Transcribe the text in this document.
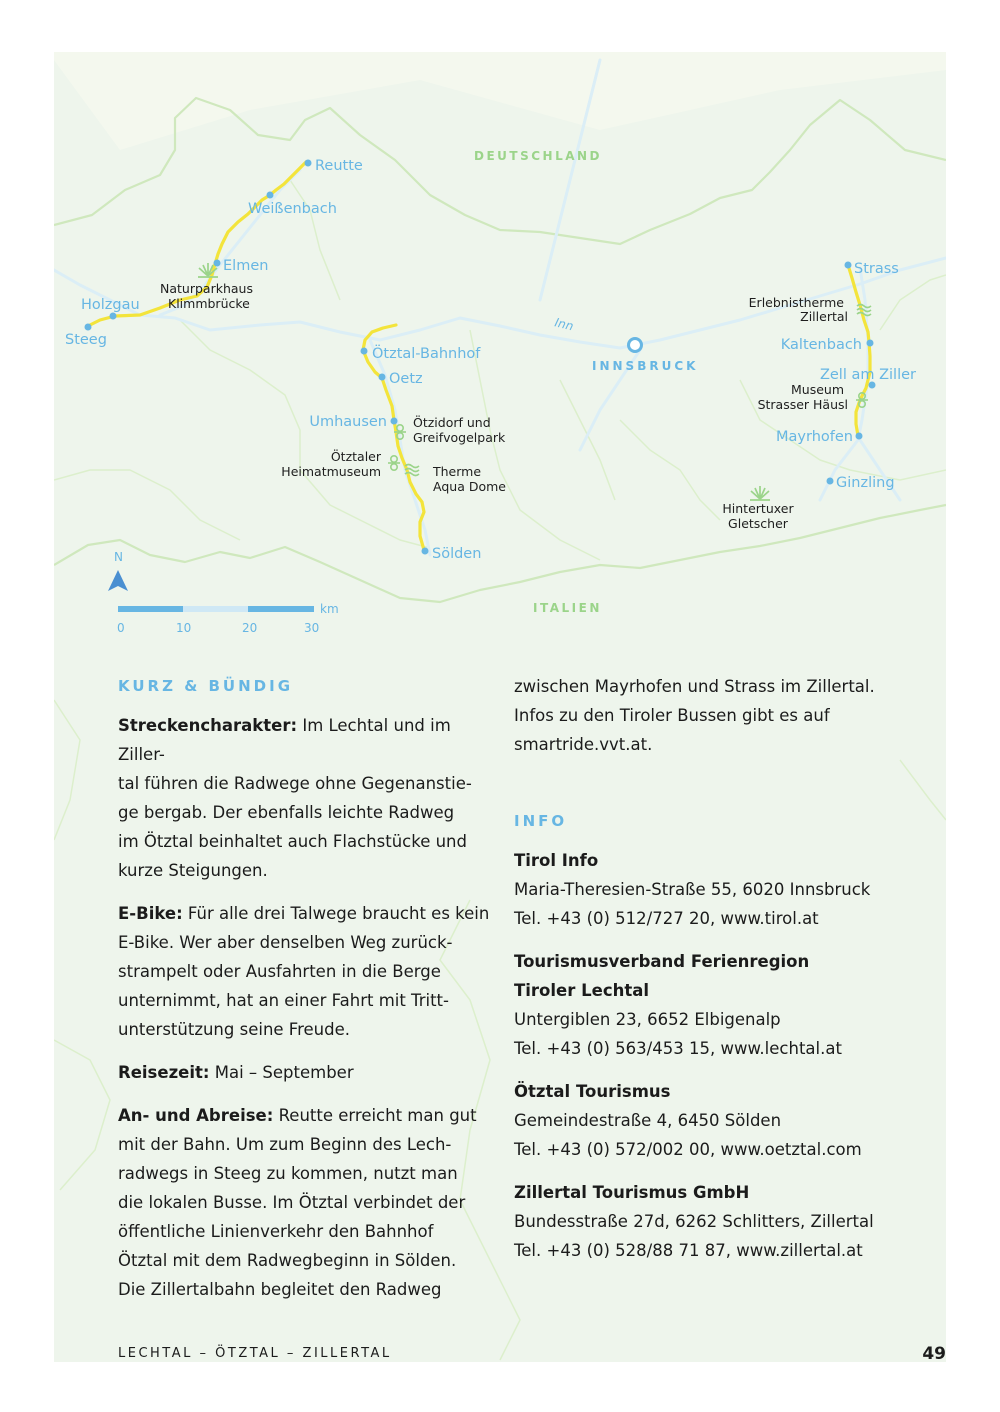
DEUTSCHLAND
ITALIEN
INNSBRUCK
Inn
Reutte
Weißenbach
Elmen
Holzgau
Steeg
Ötztal-Bahnhof
Oetz
Umhausen
Sölden
Strass
Kaltenbach
Zell am Ziller
Mayrhofen
Ginzling
Naturparkhaus
Klimmbrücke
Ötzidorf und
Greifvogelpark
Ötztaler
Heimatmuseum	Therme
Aqua Dome
Erlebnistherme
Zillertal
Museum
Strasser Häusl
Hintertuxer
Gletscher
N
km
0	10	20	30
KURZ & BÜNDIG
Streckencharakter: Im Lechtal und im Ziller-
tal führen die Radwege ohne Gegenanstie-
ge bergab. Der ebenfalls leichte Radweg
im Ötztal beinhaltet auch Flachstücke und
kurze Steigungen.
E-Bike: Für alle drei Talwege braucht es kein
E-Bike. Wer aber denselben Weg zurück-
strampelt oder Ausfahrten in die Berge
unternimmt, hat an einer Fahrt mit Tritt-
unterstützung seine Freude.
Reisezeit: Mai – September
An- und Abreise: Reutte erreicht man gut
mit der Bahn. Um zum Beginn des Lech-
radwegs in Steeg zu kommen, nutzt man
die lokalen Busse. Im Ötztal verbindet der
öffentliche Linienverkehr den Bahnhof
Ötztal mit dem Radwegbeginn in Sölden.
Die Zillertalbahn begleitet den Radweg
zwischen Mayrhofen und Strass im Zillertal.
Infos zu den Tiroler Bussen gibt es auf
smartride.vvt.at.
INFO
Tirol Info
Maria-Theresien-Straße 55, 6020 Innsbruck
Tel. +43 (0) 512/727 20, www.tirol.at
Tourismusverband Ferienregion
Tiroler Lechtal
Untergiblen 23, 6652 Elbigenalp
Tel. +43 (0) 563/453 15, www.lechtal.at
Ötztal Tourismus
Gemeindestraße 4, 6450 Sölden
Tel. +43 (0) 572/002 00, www.oetztal.com
Zillertal Tourismus GmbH
Bundesstraße 27d, 6262 Schlitters, Zillertal
Tel. +43 (0) 528/88 71 87, www.zillertal.at
LECHTAL – ÖTZTAL – ZILLERTAL	49
